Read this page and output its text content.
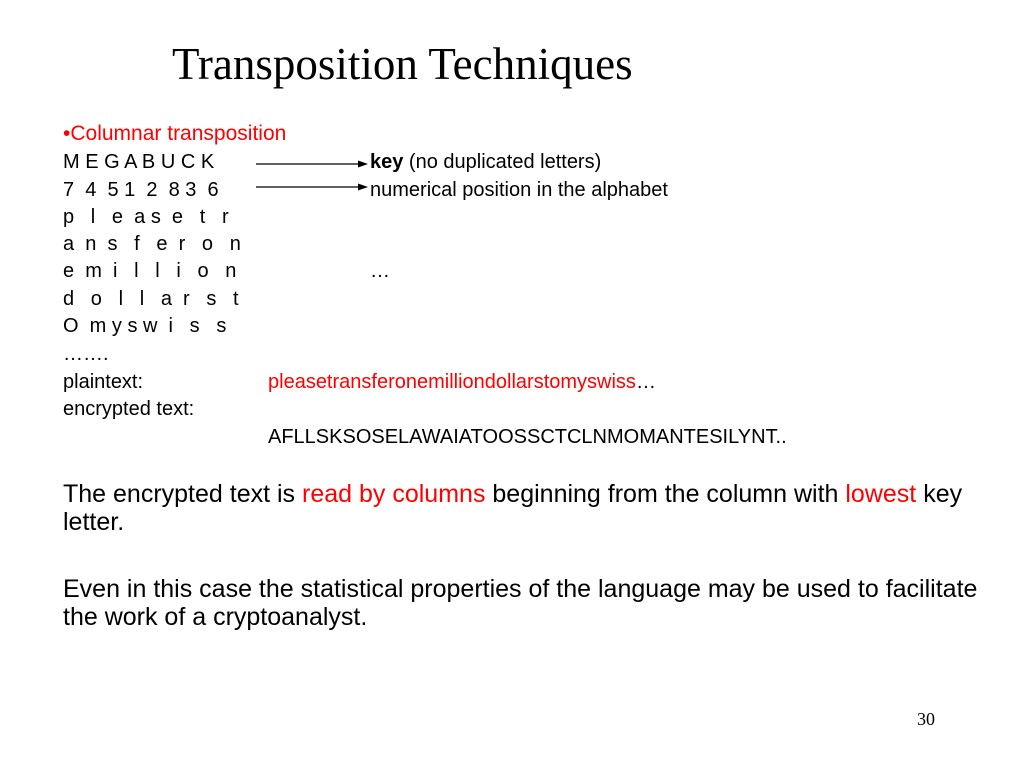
Transposition Techniques
•Columnar transposition
M E G A B U C K	key (no duplicated letters)
7  4  5 1  2  8 3  6	numerical position in the alphabet
p   l   e  a s  e   t   r
a  n  s   f   e  r   o   n
e  m  i   l   l   i   o   n	…
d   o   l   l   a  r   s   t
O  m y s w  i   s   s
…….
plaintext:	pleasetransferonemilliondollarstomyswiss…
encrypted text:
AFLLSKSOSELAWAIATOOSSCTCLNMOMANTESILYNT..
The encrypted text is read by columns beginning from the column with lowest key letter.
Even in this case the statistical properties of the language may be used to facilitate the work of a cryptoanalyst.
30
